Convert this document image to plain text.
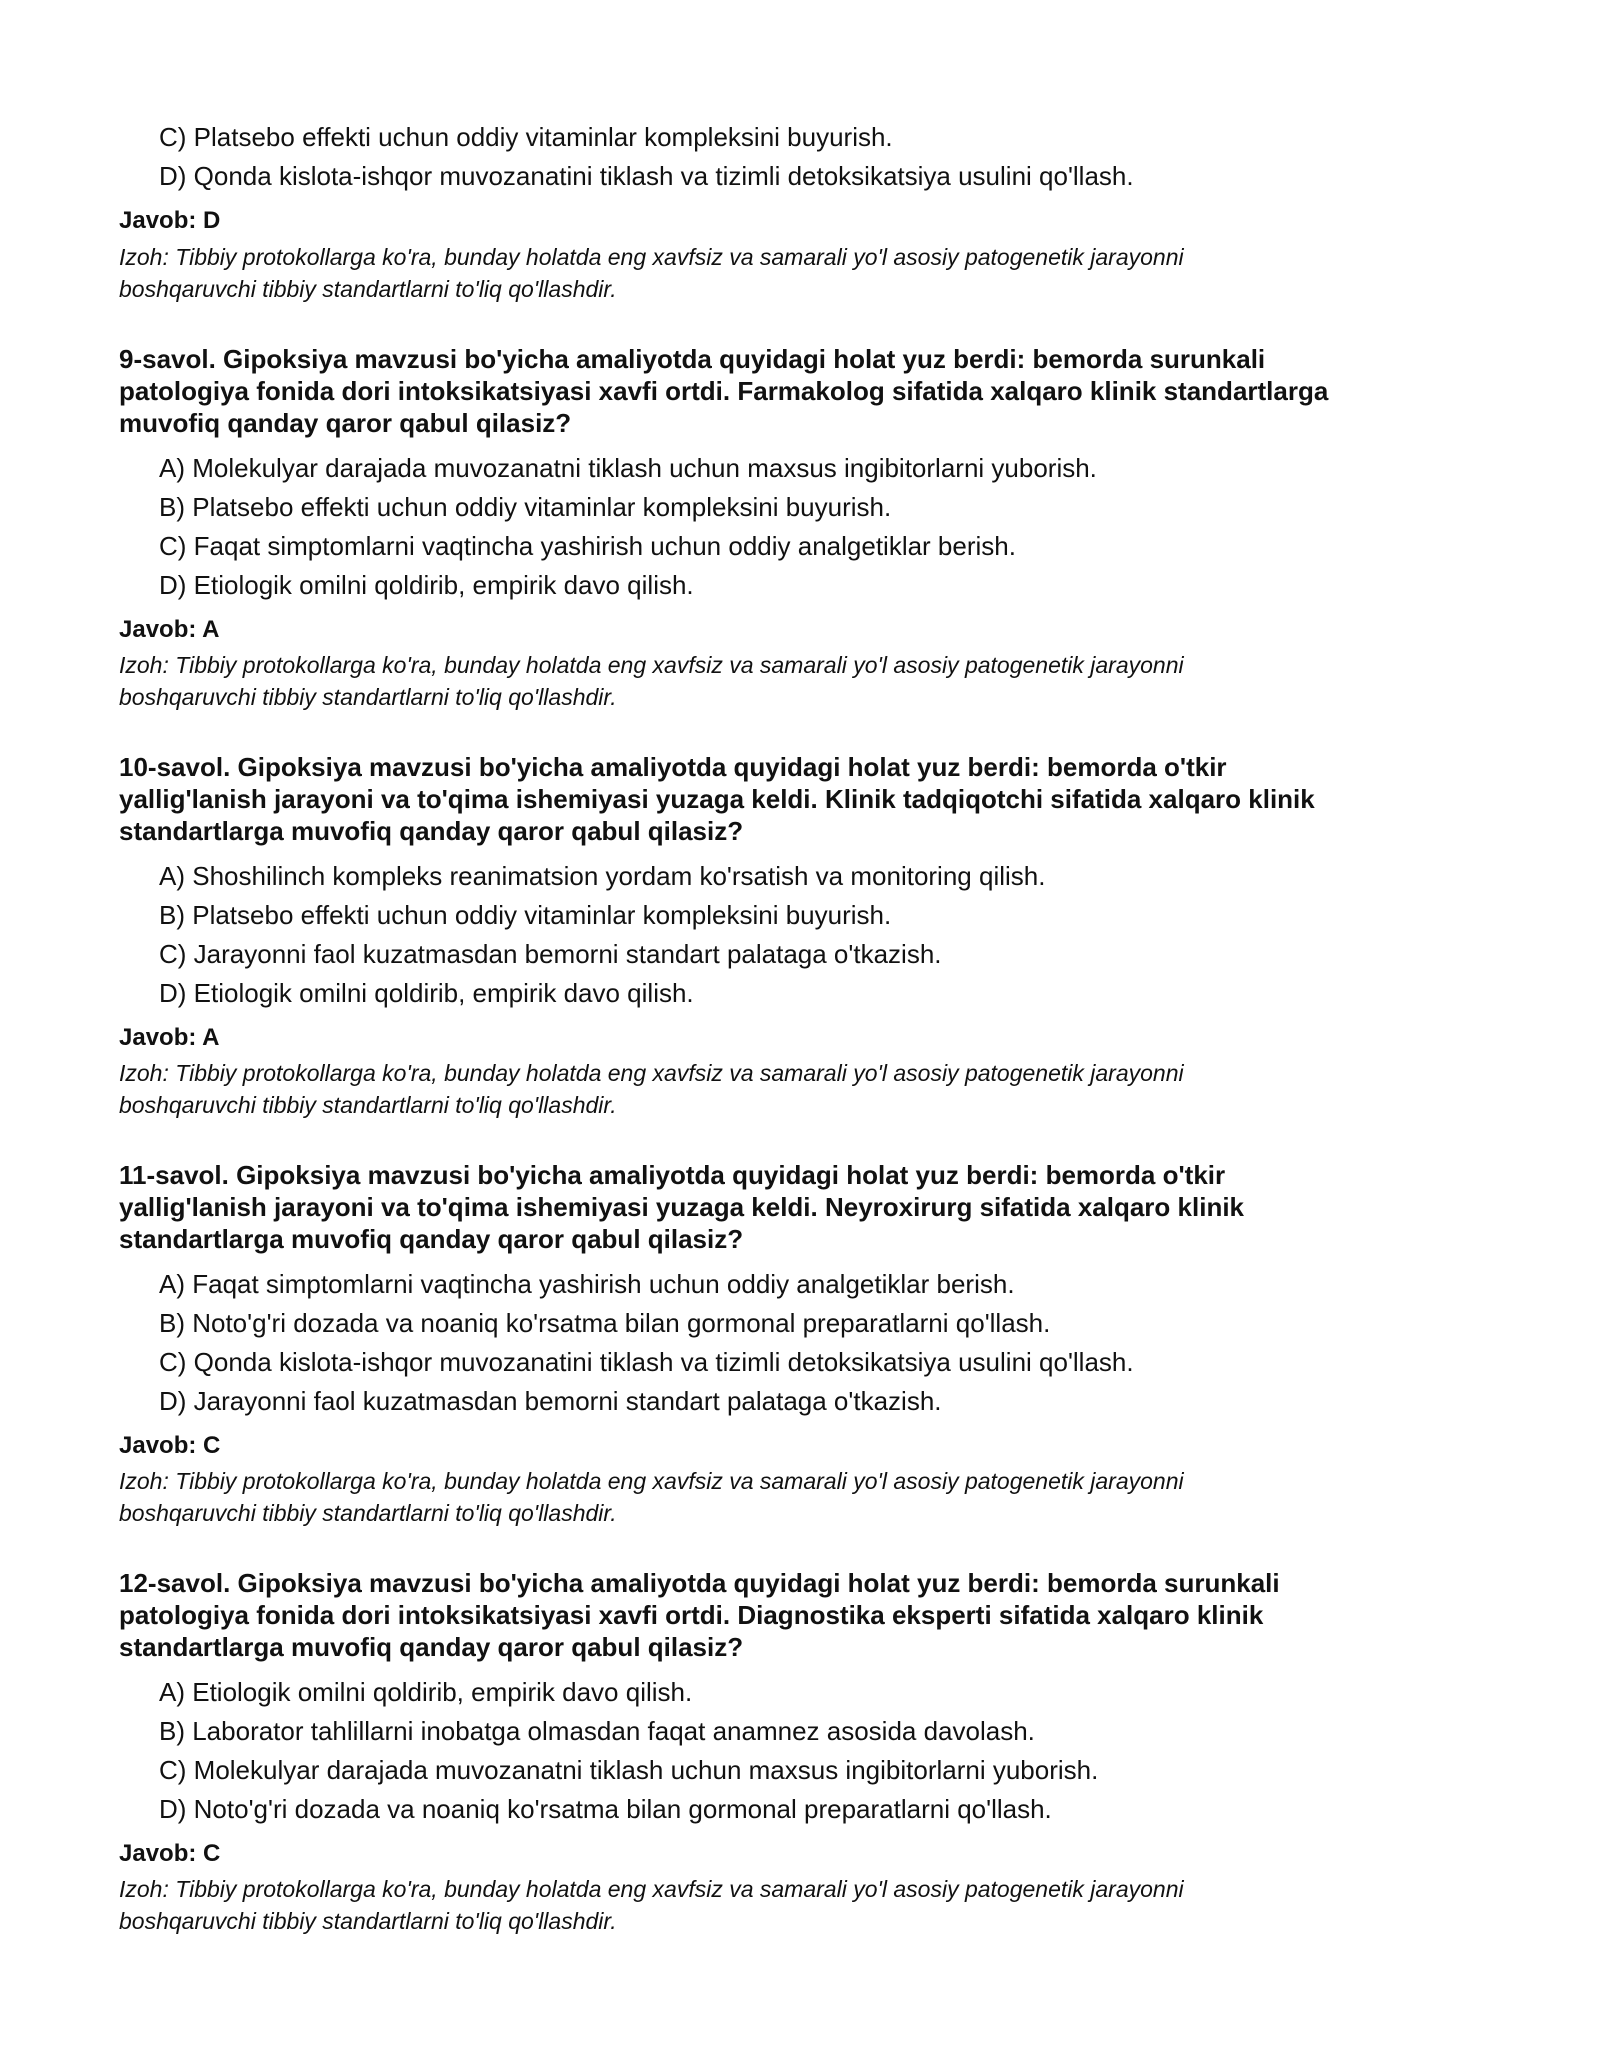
C) Platsebo effekti uchun oddiy vitaminlar kompleksini buyurish.
D) Qonda kislota-ishqor muvozanatini tiklash va tizimli detoksikatsiya usulini qo'llash.
Javob: D
Izoh: Tibbiy protokollarga ko'ra, bunday holatda eng xavfsiz va samarali yo'l asosiy patogenetik jarayonni
boshqaruvchi tibbiy standartlarni to'liq qo'llashdir.
9-savol. Gipoksiya mavzusi bo'yicha amaliyotda quyidagi holat yuz berdi: bemorda surunkali
patologiya fonida dori intoksikatsiyasi xavfi ortdi. Farmakolog sifatida xalqaro klinik standartlarga
muvofiq qanday qaror qabul qilasiz?
A) Molekulyar darajada muvozanatni tiklash uchun maxsus ingibitorlarni yuborish.
B) Platsebo effekti uchun oddiy vitaminlar kompleksini buyurish.
C) Faqat simptomlarni vaqtincha yashirish uchun oddiy analgetiklar berish.
D) Etiologik omilni qoldirib, empirik davo qilish.
Javob: A
Izoh: Tibbiy protokollarga ko'ra, bunday holatda eng xavfsiz va samarali yo'l asosiy patogenetik jarayonni
boshqaruvchi tibbiy standartlarni to'liq qo'llashdir.
10-savol. Gipoksiya mavzusi bo'yicha amaliyotda quyidagi holat yuz berdi: bemorda o'tkir
yallig'lanish jarayoni va to'qima ishemiyasi yuzaga keldi. Klinik tadqiqotchi sifatida xalqaro klinik
standartlarga muvofiq qanday qaror qabul qilasiz?
A) Shoshilinch kompleks reanimatsion yordam ko'rsatish va monitoring qilish.
B) Platsebo effekti uchun oddiy vitaminlar kompleksini buyurish.
C) Jarayonni faol kuzatmasdan bemorni standart palataga o'tkazish.
D) Etiologik omilni qoldirib, empirik davo qilish.
Javob: A
Izoh: Tibbiy protokollarga ko'ra, bunday holatda eng xavfsiz va samarali yo'l asosiy patogenetik jarayonni
boshqaruvchi tibbiy standartlarni to'liq qo'llashdir.
11-savol. Gipoksiya mavzusi bo'yicha amaliyotda quyidagi holat yuz berdi: bemorda o'tkir
yallig'lanish jarayoni va to'qima ishemiyasi yuzaga keldi. Neyroxirurg sifatida xalqaro klinik
standartlarga muvofiq qanday qaror qabul qilasiz?
A) Faqat simptomlarni vaqtincha yashirish uchun oddiy analgetiklar berish.
B) Noto'g'ri dozada va noaniq ko'rsatma bilan gormonal preparatlarni qo'llash.
C) Qonda kislota-ishqor muvozanatini tiklash va tizimli detoksikatsiya usulini qo'llash.
D) Jarayonni faol kuzatmasdan bemorni standart palataga o'tkazish.
Javob: C
Izoh: Tibbiy protokollarga ko'ra, bunday holatda eng xavfsiz va samarali yo'l asosiy patogenetik jarayonni
boshqaruvchi tibbiy standartlarni to'liq qo'llashdir.
12-savol. Gipoksiya mavzusi bo'yicha amaliyotda quyidagi holat yuz berdi: bemorda surunkali
patologiya fonida dori intoksikatsiyasi xavfi ortdi. Diagnostika eksperti sifatida xalqaro klinik
standartlarga muvofiq qanday qaror qabul qilasiz?
A) Etiologik omilni qoldirib, empirik davo qilish.
B) Laborator tahlillarni inobatga olmasdan faqat anamnez asosida davolash.
C) Molekulyar darajada muvozanatni tiklash uchun maxsus ingibitorlarni yuborish.
D) Noto'g'ri dozada va noaniq ko'rsatma bilan gormonal preparatlarni qo'llash.
Javob: C
Izoh: Tibbiy protokollarga ko'ra, bunday holatda eng xavfsiz va samarali yo'l asosiy patogenetik jarayonni
boshqaruvchi tibbiy standartlarni to'liq qo'llashdir.
